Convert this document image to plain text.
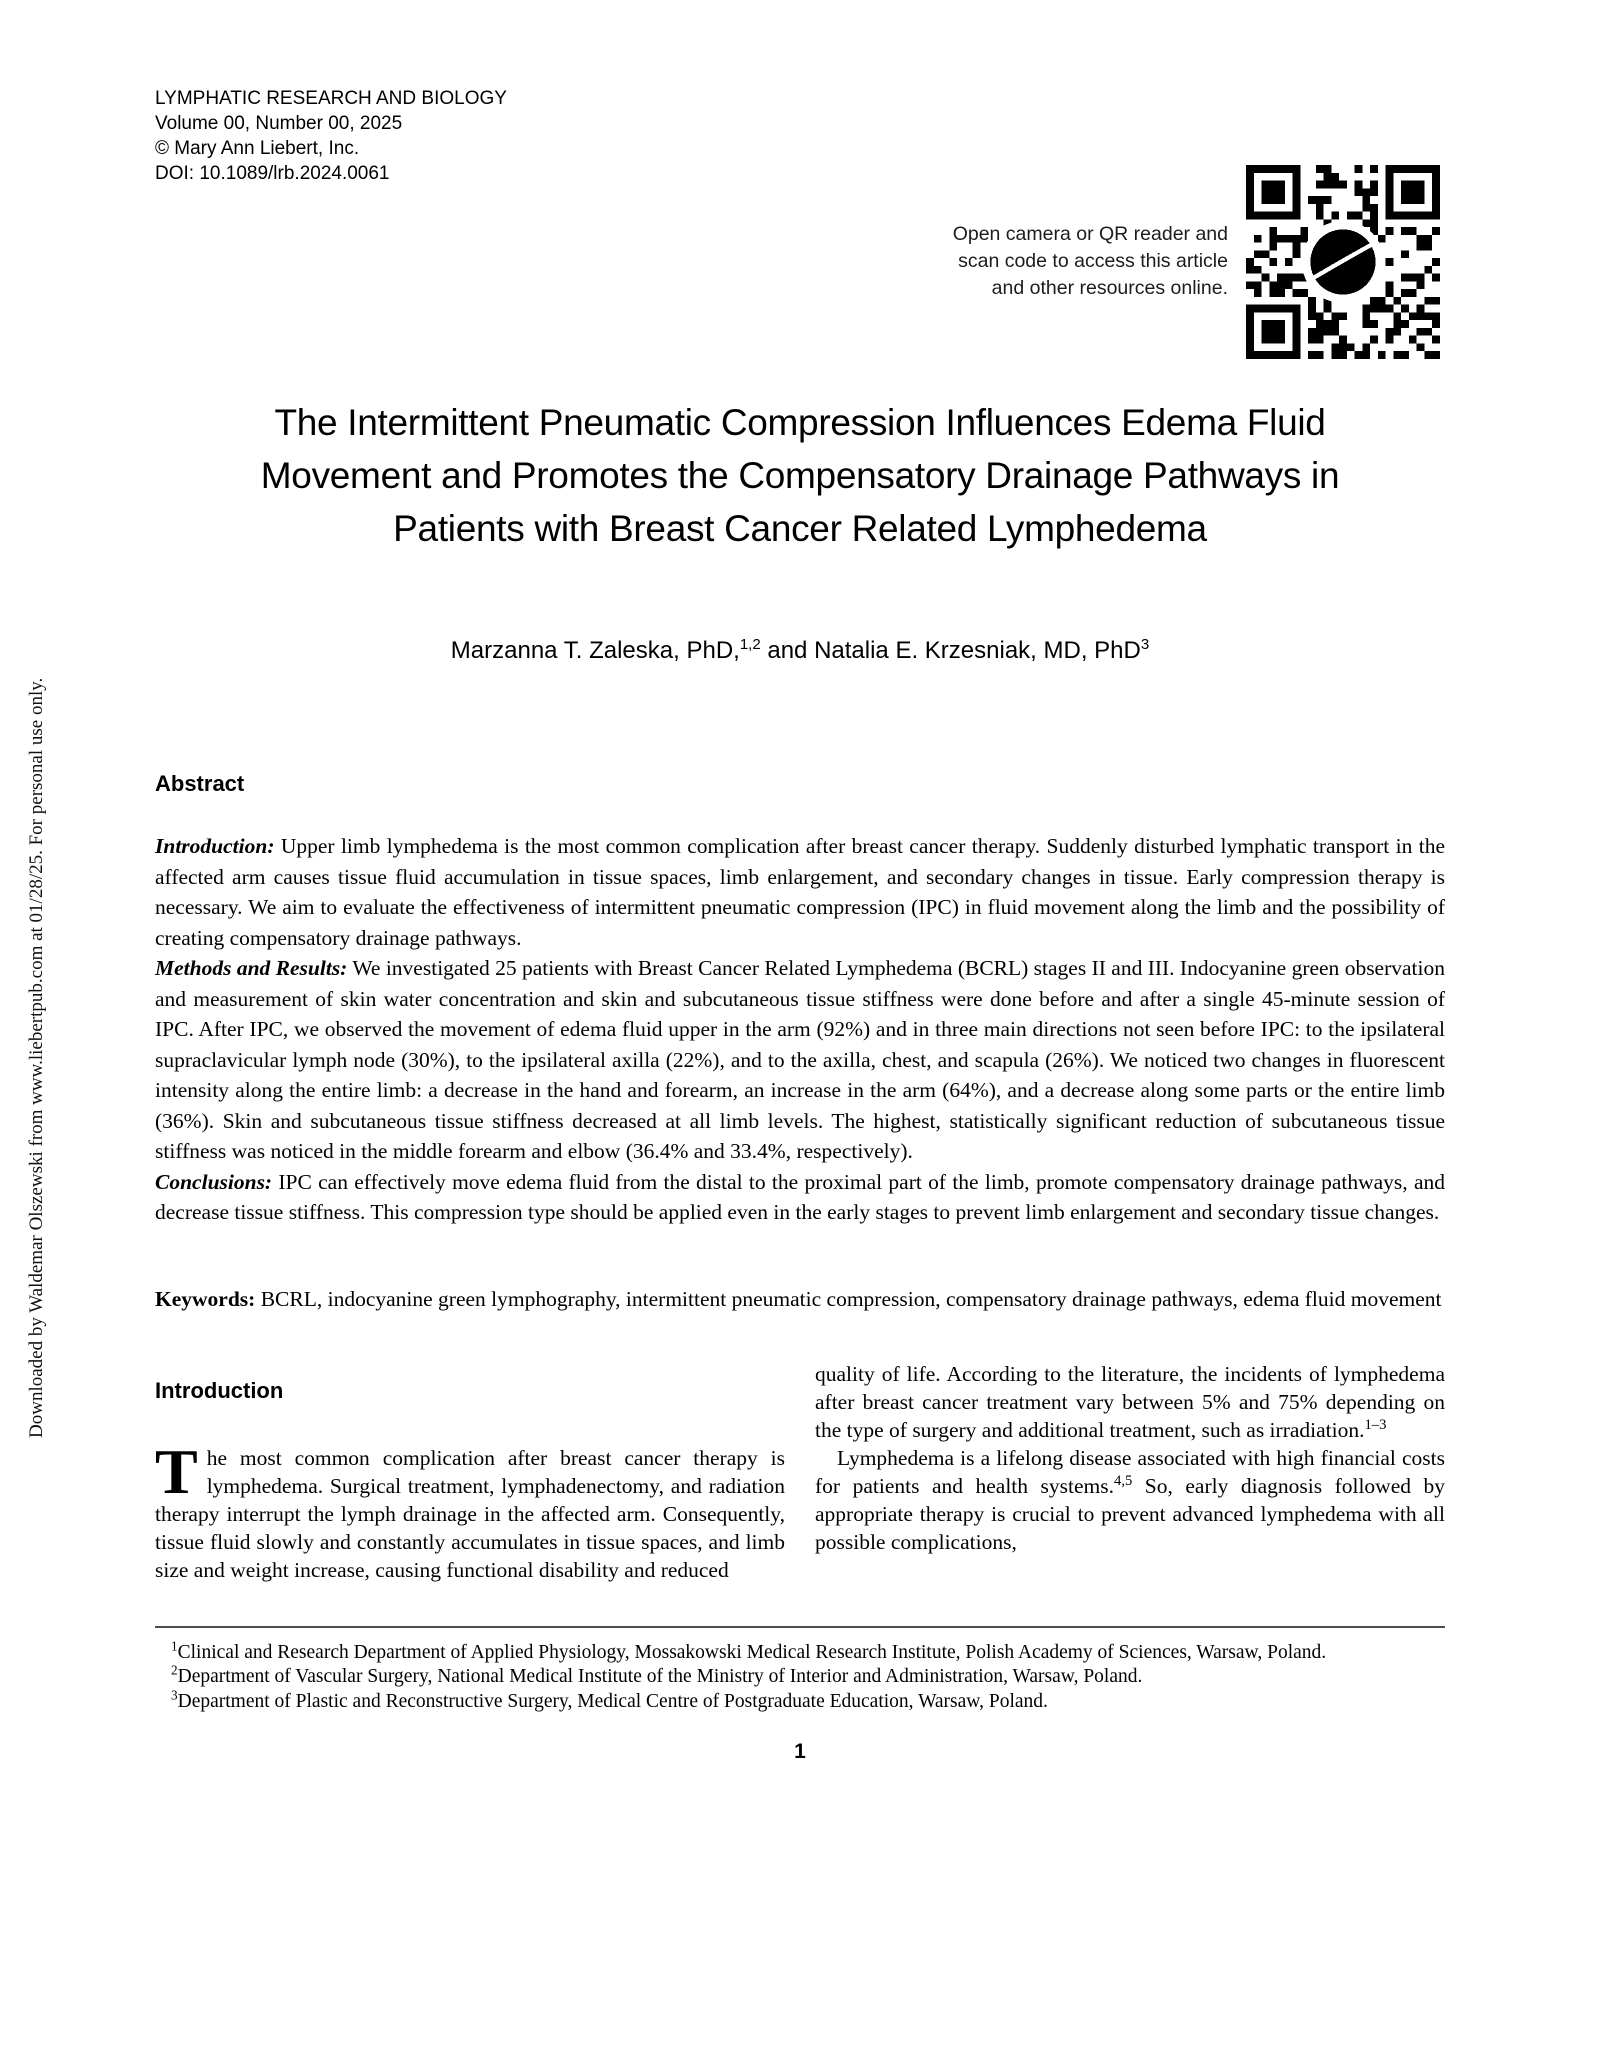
Downloaded by Waldemar Olszewski from www.liebertpub.com at 01/28/25. For personal use only.
Open camera or QR reader and
scan code to access this article
and other resources online.
LYMPHATIC RESEARCH AND BIOLOGY
Volume 00, Number 00, 2025
© Mary Ann Liebert, Inc.
DOI: 10.1089/lrb.2024.0061
The Intermittent Pneumatic Compression Influences Edema Fluid Movement and Promotes the Compensatory Drainage Pathways in Patients with Breast Cancer Related Lymphedema
Marzanna T. Zaleska, PhD,$^{1,2}$ and Natalia E. Krzesniak, MD, PhD$^3$
Abstract

Introduction: Upper limb lymphedema is the most common complication after breast cancer therapy. Suddenly disturbed lymphatic transport in the affected arm causes tissue fluid accumulation in tissue spaces, limb enlargement, and secondary changes in tissue. Early compression therapy is necessary. We aim to evaluate the effectiveness of intermittent pneumatic compression (IPC) in fluid movement along the limb and the possibility of creating compensatory drainage pathways.

Methods and Results: We investigated 25 patients with Breast Cancer Related Lymphedema (BCRL) stages II and III. Indocyanine green observation and measurement of skin water concentration and skin and subcutaneous tissue stiffness were done before and after a single 45-minute session of IPC. After IPC, we observed the movement of edema fluid upper in the arm (92%) and in three main directions not seen before IPC: to the ipsilateral supraclavicular lymph node (30%), to the ipsilateral axilla (22%), and to the axilla, chest, and scapula (26%). We noticed two changes in fluorescent intensity along the entire limb: a decrease in the hand and forearm, an increase in the arm (64%), and a decrease along some parts or the entire limb (36%). Skin and subcutaneous tissue stiffness decreased at all limb levels. The highest, statistically significant reduction of subcutaneous tissue stiffness was noticed in the middle forearm and elbow (36.4% and 33.4%, respectively).

Conclusions: IPC can effectively move edema fluid from the distal to the proximal part of the limb, promote compensatory drainage pathways, and decrease tissue stiffness. This compression type should be applied even in the early stages to prevent limb enlargement and secondary tissue changes.

Keywords: BCRL, indocyanine green lymphography, intermittent pneumatic compression, compensatory drainage pathways, edema fluid movement
Introduction

The most common complication after breast cancer therapy is lymphedema. Surgical treatment, lymphadenectomy, and radiation therapy interrupt the lymph drainage in the affected arm. Consequently, tissue fluid slowly and constantly accumulates in tissue spaces, and limb size and weight increase, causing functional disability and reduced

quality of life. According to the literature, the incidents of lymphedema after breast cancer treatment vary between 5% and 75% depending on the type of surgery and additional treatment, such as irradiation.$^{1-3}$

Lymphedema is a lifelong disease associated with high financial costs for patients and health systems.$^{4,5}$ So, early diagnosis followed by appropriate therapy is crucial to prevent advanced lymphedema with all possible complications,

$^1$Clinical and Research Department of Applied Physiology, Mossakowski Medical Research Institute, Polish Academy of Sciences, Warsaw, Poland.

$^2$Department of Vascular Surgery, National Medical Institute of the Ministry of Interior and Administration, Warsaw, Poland.

$^3$Department of Plastic and Reconstructive Surgery, Medical Centre of Postgraduate Education, Warsaw, Poland.

1
